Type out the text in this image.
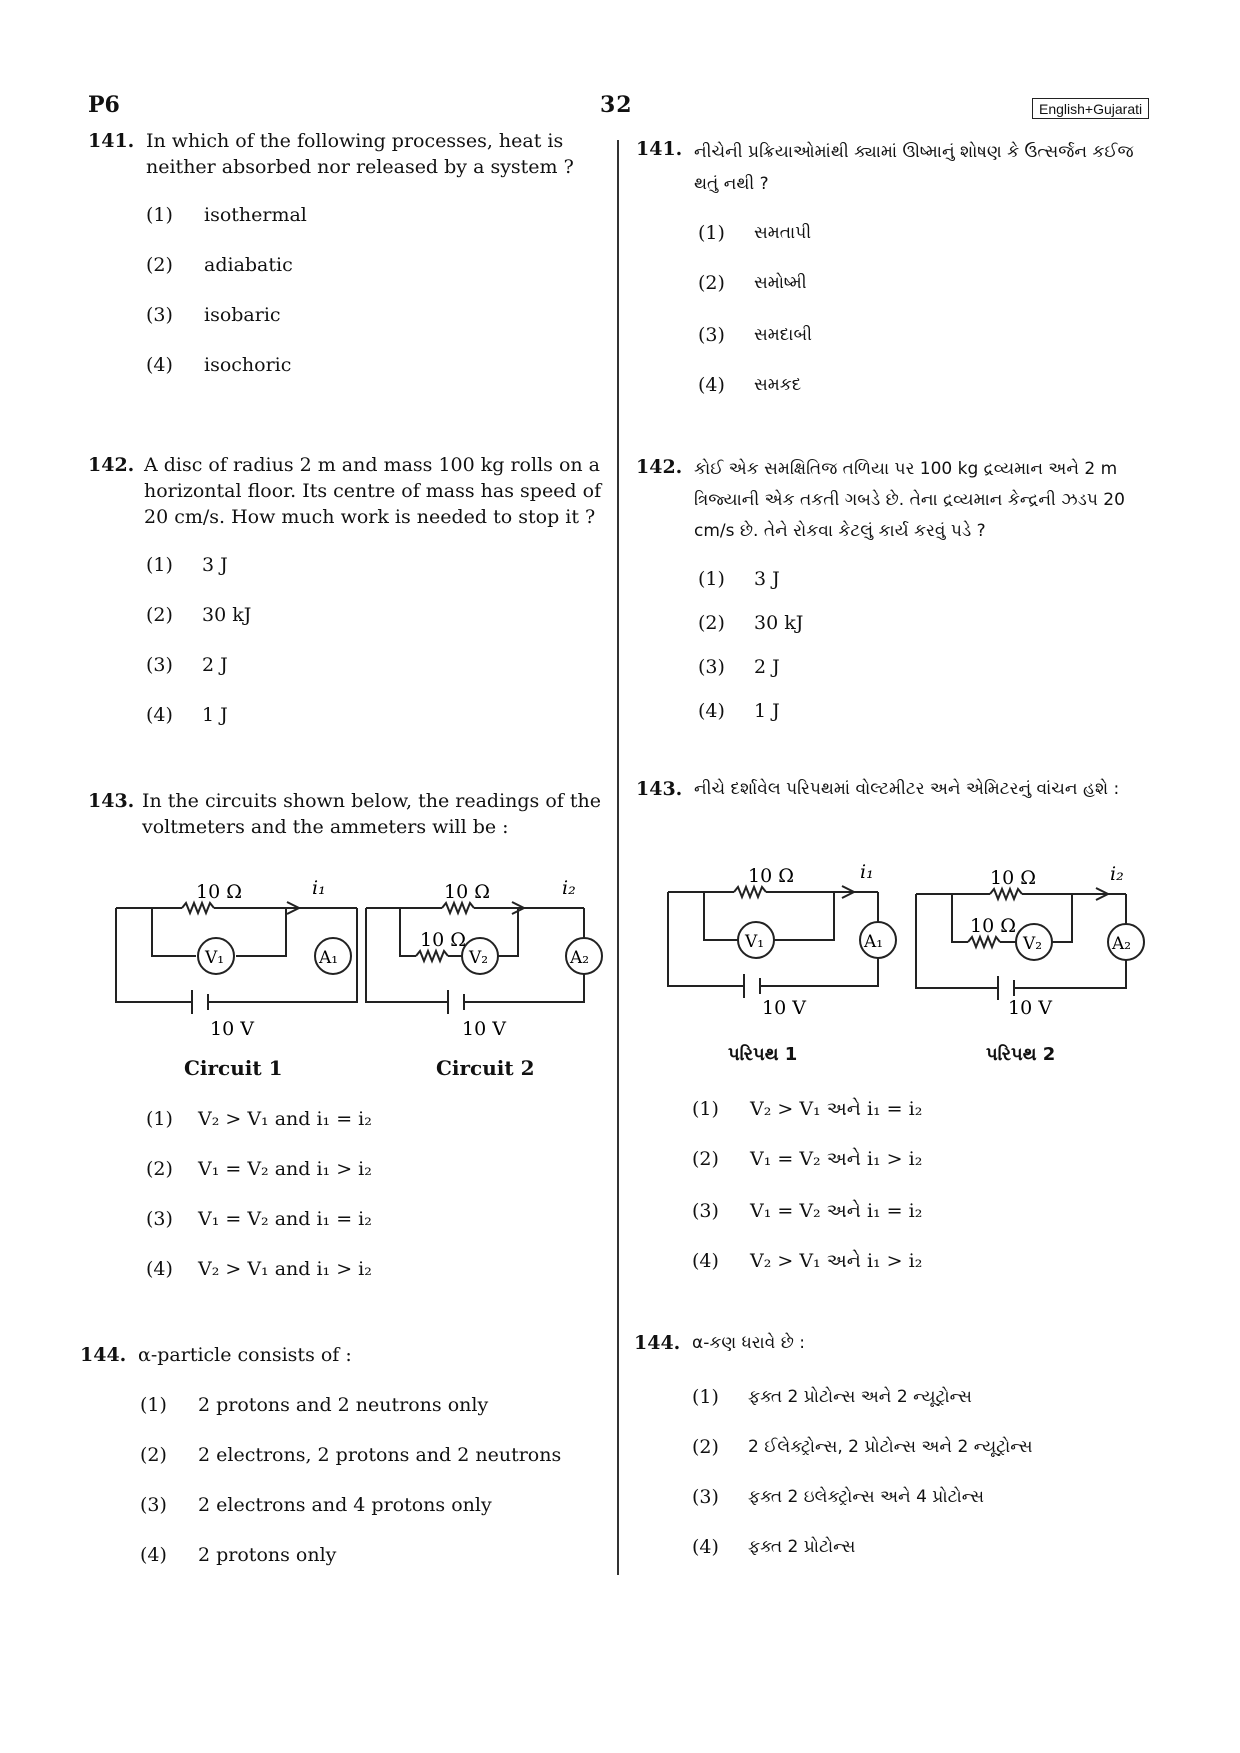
P6	32	English+Gujarati
141. In which of the following processes, heat is neither absorbed nor released by a system ?
(1) isothermal
(2) adiabatic
(3) isobaric
(4) isochoric
142. A disc of radius 2 m and mass 100 kg rolls on a horizontal floor. Its centre of mass has speed of 20 cm/s. How much work is needed to stop it ?
(1) 3 J
(2) 30 kJ
(3) 2 J
(4) 1 J
143. In the circuits shown below, the readings of the voltmeters and the ammeters will be :
10 Ω	i₁
V₁	A₁
10 V
10 Ω
10 Ω
i₂
V₂	A₂
10 V
Circuit 1	Circuit 2
(1) V₂ > V₁ and i₁ = i₂
(2) V₁ = V₂ and i₁ > i₂
(3) V₁ = V₂ and i₁ = i₂
(4) V₂ > V₁ and i₁ > i₂
144. α-particle consists of :
(1) 2 protons and 2 neutrons only
(2) 2 electrons, 2 protons and 2 neutrons
(3) 2 electrons and 4 protons only
(4) 2 protons only
141. નીચેની પ્રક્રિયાઓમાંથી ક્યામાં ઊષ્માનું શોષણ કે ઉત્સર્જન કઈજ થતું નથી ?
(1) સમતાપી
(2) સમોષ્મી
(3) સમદાબી
(4) સમકદ
142. કોઈ એક સમક્ષિતિજ તળિયા પર 100 kg દ્રવ્યમાન અને 2 m ત્રિજ્યાની એક તકતી ગબડે છે. તેના દ્રવ્યમાન કેન્દ્રની ઝડપ 20 cm/s છે. તેને રોકવા કેટલું કાર્ય કરવું પડે ?
(1) 3 J
(2) 30 kJ
(3) 2 J
(4) 1 J
143. નીચે દર્શાવેલ પરિપથમાં વોલ્ટમીટર અને એમિટરનું વાંચન હશે :
10 Ω	i₁
V₁	A₁
10 V
10 Ω
10 Ω
i₂
V₂	A₂
10 V
પરિપથ 1	પરિપથ 2
(1) V₂ > V₁ અને i₁ = i₂
(2) V₁ = V₂ અને i₁ > i₂
(3) V₁ = V₂ અને i₁ = i₂
(4) V₂ > V₁ અને i₁ > i₂
144. α-કણ ધરાવે છે :
(1) ફક્ત 2 પ્રોટોન્સ અને 2 ન્યૂટ્રોન્સ
(2) 2 ઈલેક્ટ્રોન્સ, 2 પ્રોટોન્સ અને 2 ન્યૂટ્રોન્સ
(3) ફક્ત 2 ઇલેક્ટ્રોન્સ અને 4 પ્રોટોન્સ
(4) ફક્ત 2 પ્રોટોન્સ
